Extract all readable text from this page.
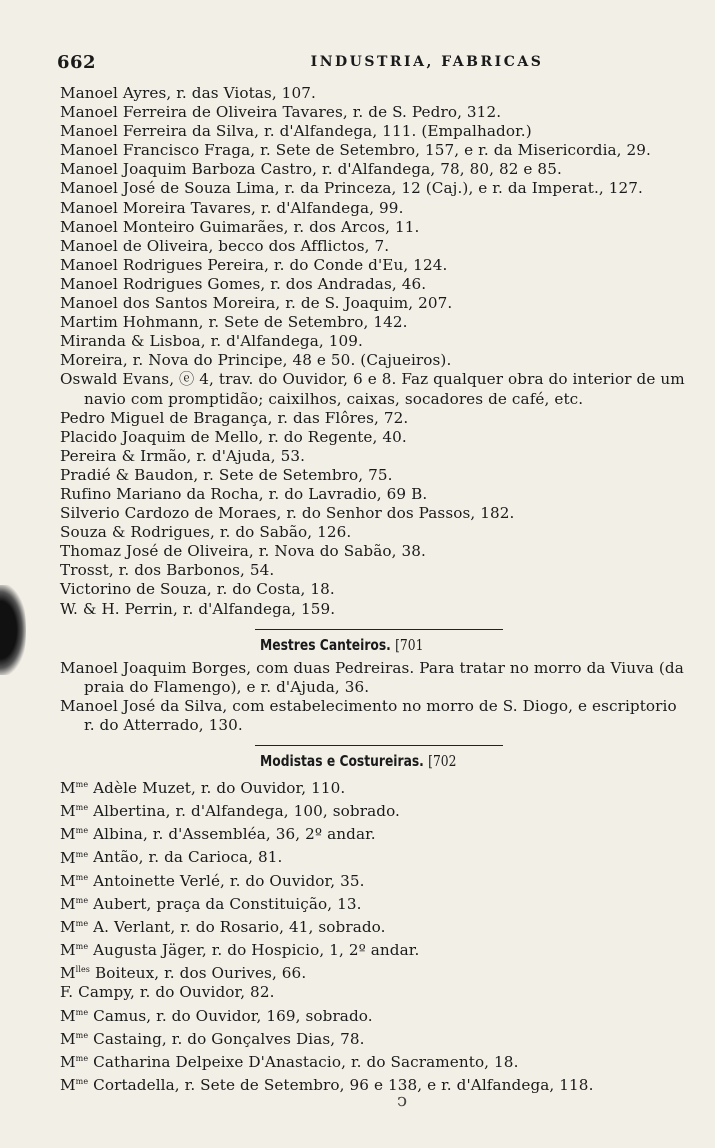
662	INDUSTRIA, FABRICAS
Manoel Ayres, r. das Viotas, 107.
Manoel Ferreira de Oliveira Tavares, r. de S. Pedro, 312.
Manoel Ferreira da Silva, r. d'Alfandega, 111. (Empalhador.)
Manoel Francisco Fraga, r. Sete de Setembro, 157, e r. da Misericordia, 29.
Manoel Joaquim Barboza Castro, r. d'Alfandega, 78, 80, 82 e 85.
Manoel José de Souza Lima, r. da Princeza, 12 (Caj.), e r. da Imperat., 127.
Manoel Moreira Tavares, r. d'Alfandega, 99.
Manoel Monteiro Guimarães, r. dos Arcos, 11.
Manoel de Oliveira, becco dos Afflictos, 7.
Manoel Rodrigues Pereira, r. do Conde d'Eu, 124.
Manoel Rodrigues Gomes, r. dos Andradas, 46.
Manoel dos Santos Moreira, r. de S. Joaquim, 207.
Martim Hohmann, r. Sete de Setembro, 142.
Miranda & Lisboa, r. d'Alfandega, 109.
Moreira, r. Nova do Principe, 48 e 50. (Cajueiros).
Oswald Evans, ⓔ 4, trav. do Ouvidor, 6 e 8. Faz qualquer obra do interior de um navio com promptidão; caixilhos, caixas, socadores de café, etc.
Pedro Miguel de Bragança, r. das Flôres, 72.
Placido Joaquim de Mello, r. do Regente, 40.
Pereira & Irmão, r. d'Ajuda, 53.
Pradié & Baudon, r. Sete de Setembro, 75.
Rufino Mariano da Rocha, r. do Lavradio, 69 B.
Silverio Cardozo de Moraes, r. do Senhor dos Passos, 182.
Souza & Rodrigues, r. do Sabão, 126.
Thomaz José de Oliveira, r. Nova do Sabão, 38.
Trosst, r. dos Barbonos, 54.
Victorino de Souza, r. do Costa, 18.
W. & H. Perrin, r. d'Alfandega, 159.
Mestres Canteiros. [701
Manoel Joaquim Borges, com duas Pedreiras. Para tratar no morro da Viuva (da praia do Flamengo), e r. d'Ajuda, 36.
Manoel José da Silva, com estabelecimento no morro de S. Diogo, e escriptorio r. do Atterrado, 130.
Modistas e Costureiras. [702
$M^{me}$ Adèle Muzet, r. do Ouvidor, 110.
$M^{me}$ Albertina, r. d'Alfandega, 100, sobrado.
$M^{me}$ Albina, r. d'Assembléa, 36, 2º andar.
$M^{me}$ Antão, r. da Carioca, 81.
$M^{me}$ Antoinette Verlé, r. do Ouvidor, 35.
$M^{me}$ Aubert, praça da Constituição, 13.
$M^{me}$ A. Verlant, r. do Rosario, 41, sobrado.
$M^{me}$ Augusta Jäger, r. do Hospicio, 1, 2º andar.
$M^{lles}$ Boiteux, r. dos Ourives, 66.
F. Campy, r. do Ouvidor, 82.
$M^{me}$ Camus, r. do Ouvidor, 169, sobrado.
$M^{me}$ Castaing, r. do Gonçalves Dias, 78.
$M^{me}$ Catharina Delpeixe D'Anastacio, r. do Sacramento, 18.
$M^{me}$ Cortadella, r. Sete de Setembro, 96 e 138, e r. d'Alfandega, 118.
ↄ
